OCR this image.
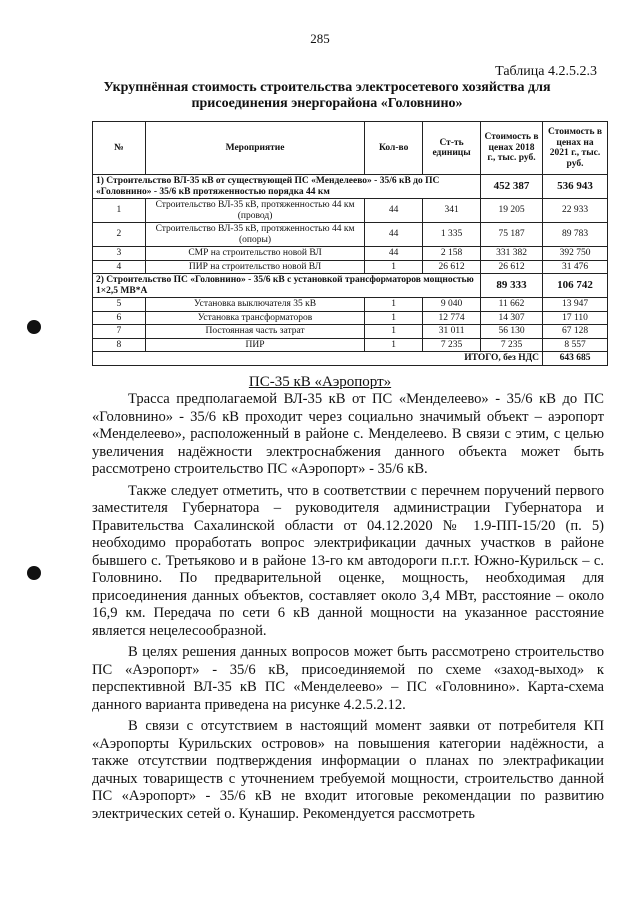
285
Таблица 4.2.5.2.3
Укрупнённая стоимость строительства электросетевого хозяйства для присоединения энергорайона «Головнино»
№	Мероприятие	Кол-во	Ст-ть единицы	Стоимость в ценах 2018 г., тыс. руб.	Стоимость в ценах на 2021 г., тыс. руб.
1) Строительство ВЛ-35 кВ от существующей ПС «Менделеево» - 35/6 кВ до ПС «Головнино» - 35/6 кВ протяженностью порядка 44 км				452 387	536 943
1	Строительство ВЛ-35 кВ, протяженностью 44 км (провод)	44	341	19 205	22 933
2	Строительство ВЛ-35 кВ, протяженностью 44 км (опоры)	44	1 335	75 187	89 783
3	СМР на строительство новой ВЛ	44	2 158	331 382	392 750
4	ПИР на строительство новой ВЛ	1	26 612	26 612	31 476
2) Строительство ПС «Головнино» - 35/6 кВ с установкой трансформаторов мощностью 1×2,5 МВ*А				89 333	106 742
5	Установка выключателя 35 кВ	1	9 040	11 662	13 947
6	Установка трансформаторов	1	12 774	14 307	17 110
7	Постоянная часть затрат	1	31 011	56 130	67 128
8	ПИР	1	7 235	7 235	8 557
ИТОГО, без НДС					643 685
ПС-35 кВ «Аэропорт»

Трасса предполагаемой ВЛ-35 кВ от ПС «Менделеево» - 35/6 кВ до ПС «Головнино» - 35/6 кВ проходит через социально значимый объект – аэропорт «Менделеево», расположенный в районе с. Менделеево. В связи с этим, с целью увеличения надёжности электроснабжения данного объекта может быть рассмотрено строительство ПС «Аэропорт» - 35/6 кВ.

Также следует отметить, что в соответствии с перечнем поручений первого заместителя Губернатора – руководителя администрации Губернатора и Правительства Сахалинской области от 04.12.2020 № 1.9-ПП-15/20 (п. 5) необходимо проработать вопрос электрификации дачных участков в районе бывшего с. Третьяково и в районе 13-го км автодороги п.г.т. Южно-Курильск – с. Головнино. По предварительной оценке, мощность, необходимая для присоединения данных объектов, составляет около 3,4 МВт, расстояние – около 16,9 км. Передача по сети 6 кВ данной мощности на указанное расстояние является нецелесообразной.

В целях решения данных вопросов может быть рассмотрено строительство ПС «Аэропорт» - 35/6 кВ, присоединяемой по схеме «заход-выход» к перспективной ВЛ-35 кВ ПС «Менделеево» – ПС «Головнино». Карта-схема данного варианта приведена на рисунке 4.2.5.2.12.

В связи с отсутствием в настоящий момент заявки от потребителя КП «Аэропорты Курильских островов» на повышения категории надёжности, а также отсутствии подтверждения информации о планах по электрафикации дачных товариществ с уточнением требуемой мощности, строительство данной ПС «Аэропорт» - 35/6 кВ не входит итоговые рекомендации по развитию электрических сетей о. Кунашир. Рекомендуется рассмотреть
